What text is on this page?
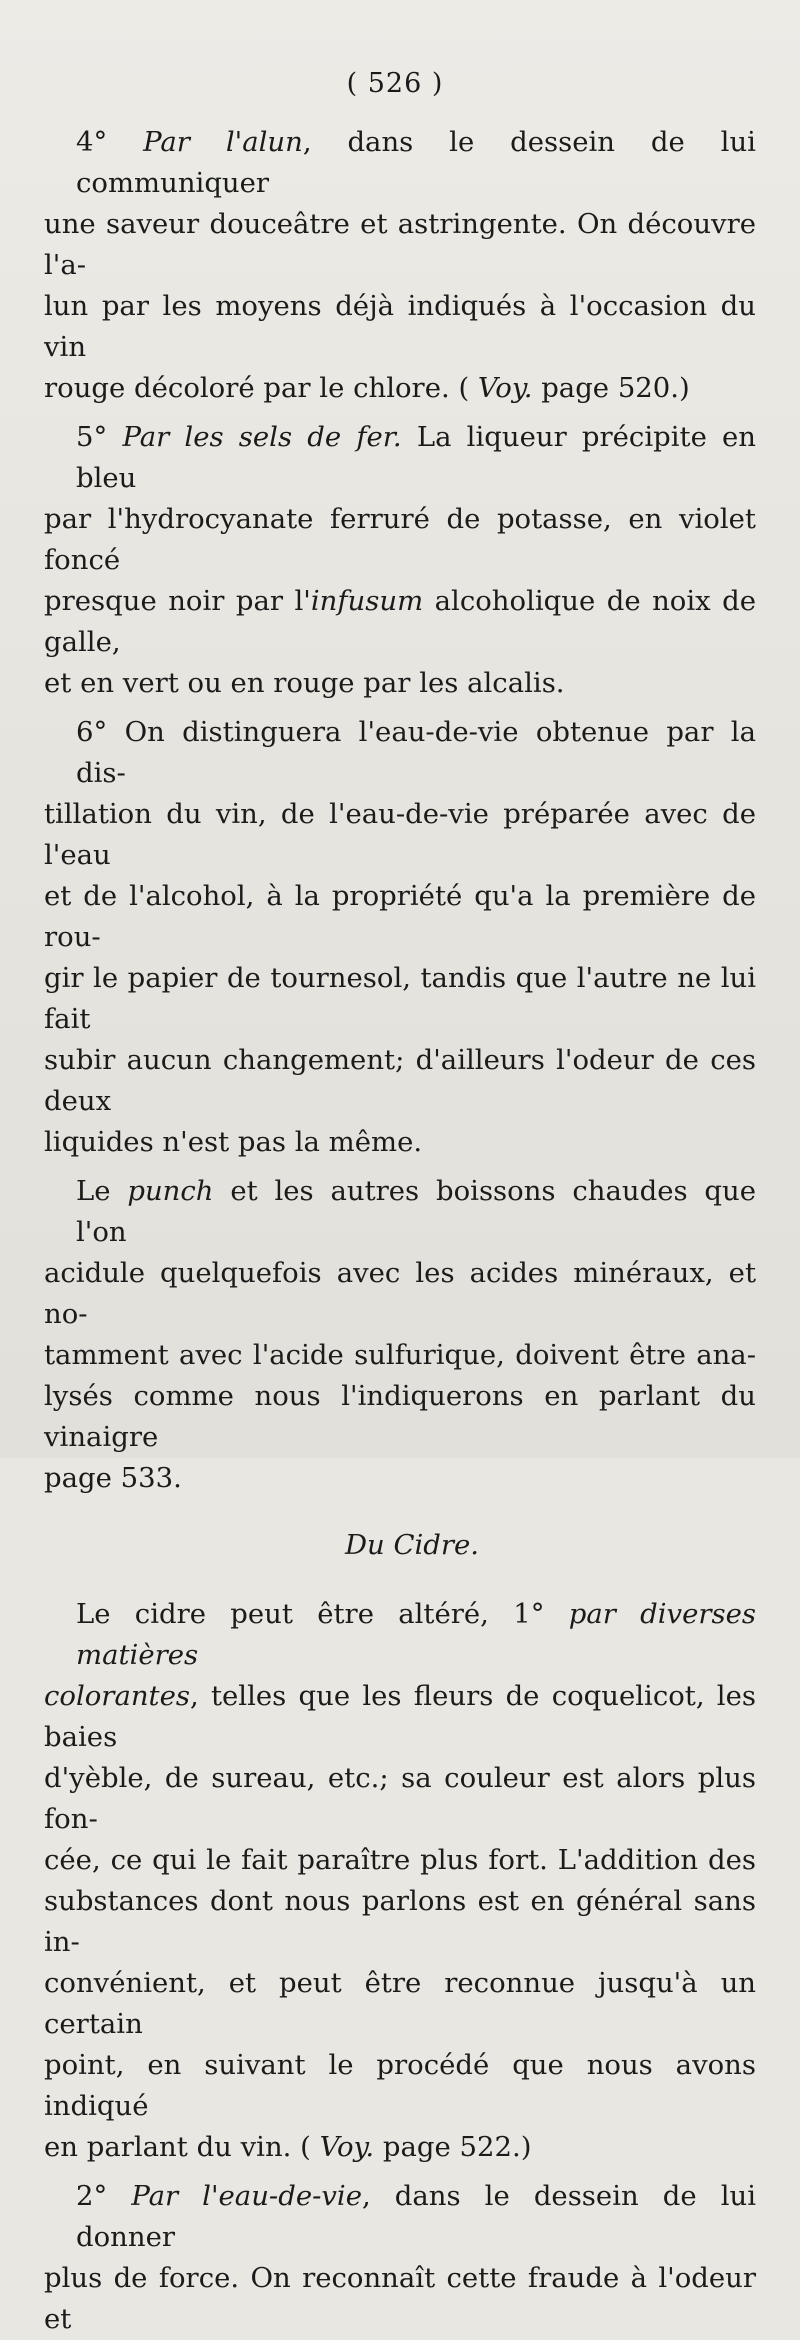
( 526 )

4° Par l'alun, dans le dessein de lui communiquer

une saveur douceâtre et astringente. On découvre l'a-

lun par les moyens déjà indiqués à l'occasion du vin

rouge décoloré par le chlore. ( Voy. page 520.)

5° Par les sels de fer. La liqueur précipite en bleu

par l'hydrocyanate ferruré de potasse, en violet foncé

presque noir par l'infusum alcoholique de noix de galle,

et en vert ou en rouge par les alcalis.

6° On distinguera l'eau-de-vie obtenue par la dis-

tillation du vin, de l'eau-de-vie préparée avec de l'eau

et de l'alcohol, à la propriété qu'a la première de rou-

gir le papier de tournesol, tandis que l'autre ne lui fait

subir aucun changement; d'ailleurs l'odeur de ces deux

liquides n'est pas la même.

Le punch et les autres boissons chaudes que l'on

acidule quelquefois avec les acides minéraux, et no-

tamment avec l'acide sulfurique, doivent être ana-

lysés comme nous l'indiquerons en parlant du vinaigre

page 533.

Du Cidre.

Le cidre peut être altéré, 1° par diverses matières

colorantes, telles que les fleurs de coquelicot, les baies

d'yèble, de sureau, etc.; sa couleur est alors plus fon-

cée, ce qui le fait paraître plus fort. L'addition des

substances dont nous parlons est en général sans in-

convénient, et peut être reconnue jusqu'à un certain

point, en suivant le procédé que nous avons indiqué

en parlant du vin. ( Voy. page 522.)

2° Par l'eau-de-vie, dans le dessein de lui donner

plus de force. On reconnaît cette fraude à l'odeur et
